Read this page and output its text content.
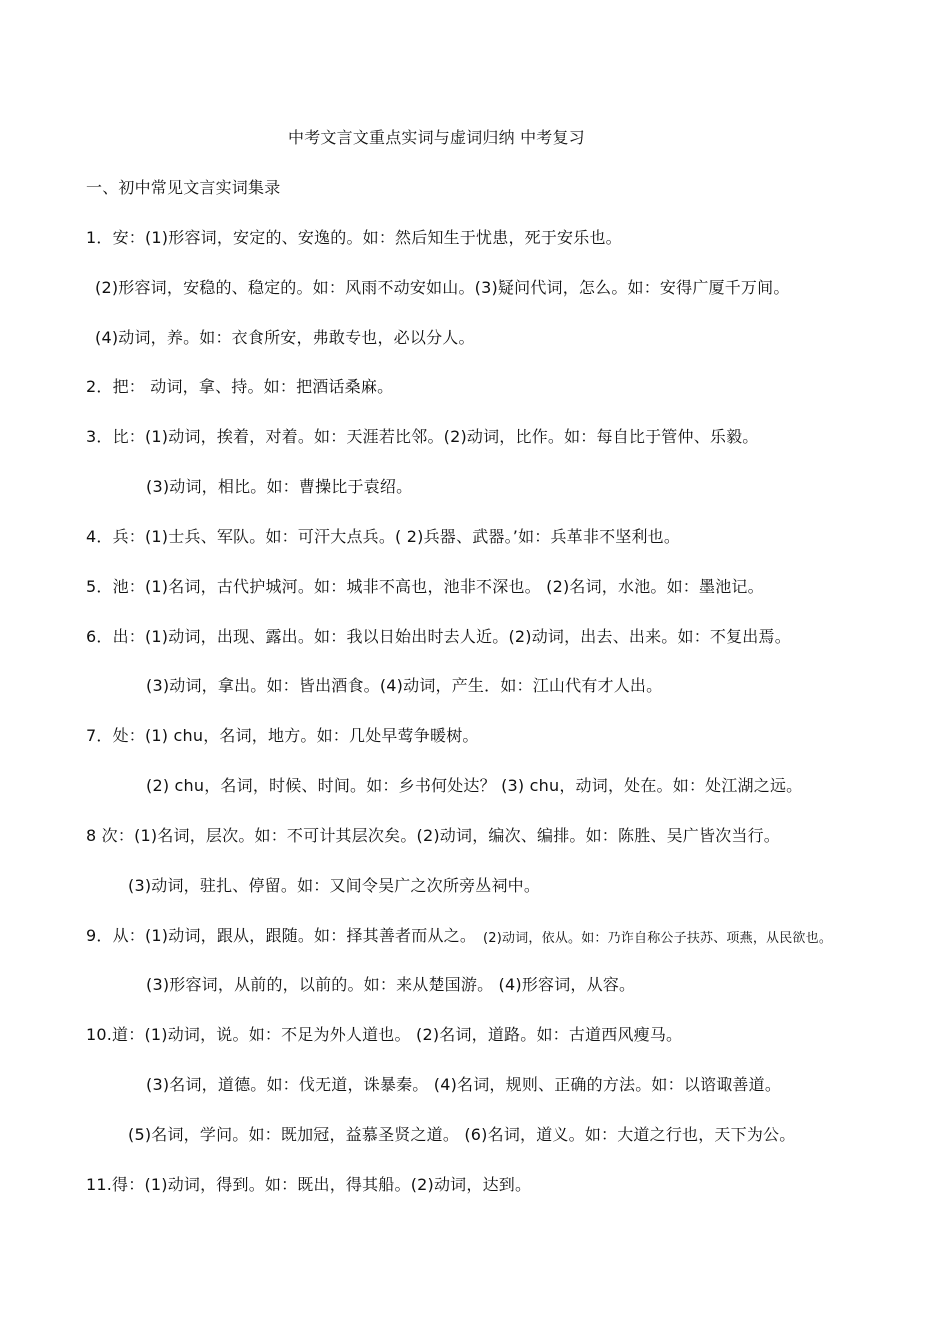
中考文言文重点实词与虚词归纳 中考复习
一、初中常见文言实词集录
1．安：(1)形容词，安定的、安逸的。如：然后知生于忧患，死于安乐也。
(2)形容词，安稳的、稳定的。如：风雨不动安如山。(3)疑问代词，怎么。如：安得广厦千万间。
(4)动词，养。如：衣食所安，弗敢专也，必以分人。
2．把： 动词，拿、持。如：把酒话桑麻。
3．比：(1)动词，挨着，对着。如：天涯若比邻。(2)动词，比作。如：每自比于管仲、乐毅。
(3)动词，相比。如：曹操比于袁绍。
4．兵：(1)士兵、军队。如：可汗大点兵。( 2)兵器、武器。’如：兵革非不坚利也。
5．池：(1)名词，古代护城河。如：城非不高也，池非不深也。 (2)名词，水池。如：墨池记。
6．出：(1)动词，出现、露出。如：我以日始出时去人近。(2)动词，出去、出来。如：不复出焉。
(3)动词，拿出。如：皆出酒食。(4)动词，产生．如：江山代有才人出。
7．处：(1) chu，名词，地方。如：几处早莺争暖树。
(2) chu，名词，时候、时间。如：乡书何处达？ (3) chu，动词，处在。如：处江湖之远。
8 次：(1)名词，层次。如：不可计其层次矣。(2)动词，编次、编排。如：陈胜、吴广皆次当行。
(3)动词，驻扎、停留。如：又间令吴广之次所旁丛祠中。
9．从：(1)动词，跟从，跟随。如：择其善者而从之。 (2)动词，依从。如：乃诈自称公子扶苏、项燕，从民欲也。
(3)形容词，从前的，以前的。如：来从楚国游。 (4)形容词，从容。
10.道：(1)动词，说。如：不足为外人道也。 (2)名词，道路。如：古道西风瘦马。
(3)名词，道德。如：伐无道，诛暴秦。 (4)名词，规则、正确的方法。如：以谘诹善道。
(5)名词，学问。如：既加冠，益慕圣贤之道。 (6)名词，道义。如：大道之行也，天下为公。
11.得：(1)动词，得到。如：既出，得其船。(2)动词，达到。
